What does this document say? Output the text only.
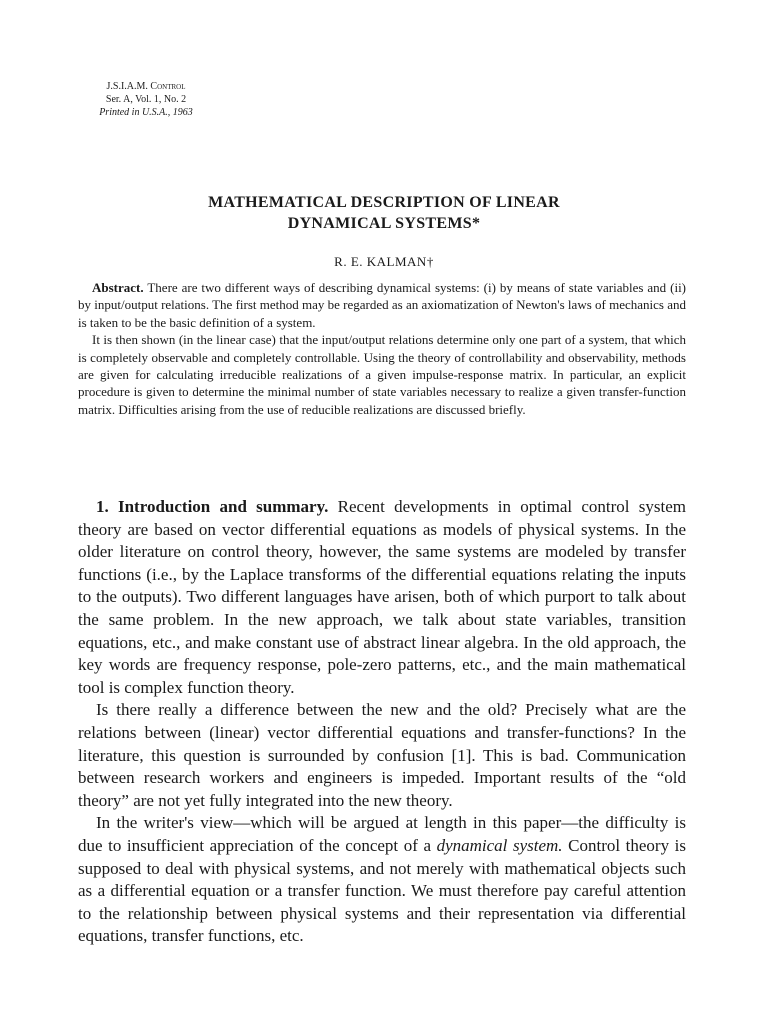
J.S.I.A.M. Control
Ser. A, Vol. 1, No. 2
Printed in U.S.A., 1963
MATHEMATICAL DESCRIPTION OF LINEAR
DYNAMICAL SYSTEMS*
R. E. KALMAN†

Abstract. There are two different ways of describing dynamical systems: (i) by means of state variables and (ii) by input/output relations. The first method may be regarded as an axiomatization of Newton's laws of mechanics and is taken to be the basic definition of a system.

It is then shown (in the linear case) that the input/output relations determine only one part of a system, that which is completely observable and completely controllable. Using the theory of controllability and observability, methods are given for calculating irreducible realizations of a given impulse-response matrix. In particular, an explicit procedure is given to determine the minimal number of state variables necessary to realize a given transfer-function matrix. Difficulties arising from the use of reducible realizations are discussed briefly.

1. Introduction and summary. Recent developments in optimal control system theory are based on vector differential equations as models of physical systems. In the older literature on control theory, however, the same systems are modeled by transfer functions (i.e., by the Laplace transforms of the differential equations relating the inputs to the outputs). Two different languages have arisen, both of which purport to talk about the same problem. In the new approach, we talk about state variables, transition equations, etc., and make constant use of abstract linear algebra. In the old approach, the key words are frequency response, pole-zero patterns, etc., and the main mathematical tool is complex function theory.

Is there really a difference between the new and the old? Precisely what are the relations between (linear) vector differential equations and transfer-functions? In the literature, this question is surrounded by confusion [1]. This is bad. Communication between research workers and engineers is impeded. Important results of the “old theory” are not yet fully integrated into the new theory.

In the writer's view—which will be argued at length in this paper—the difficulty is due to insufficient appreciation of the concept of a dynamical system. Control theory is supposed to deal with physical systems, and not merely with mathematical objects such as a differential equation or a transfer function. We must therefore pay careful attention to the relationship between physical systems and their representation via differential equations, transfer functions, etc.
